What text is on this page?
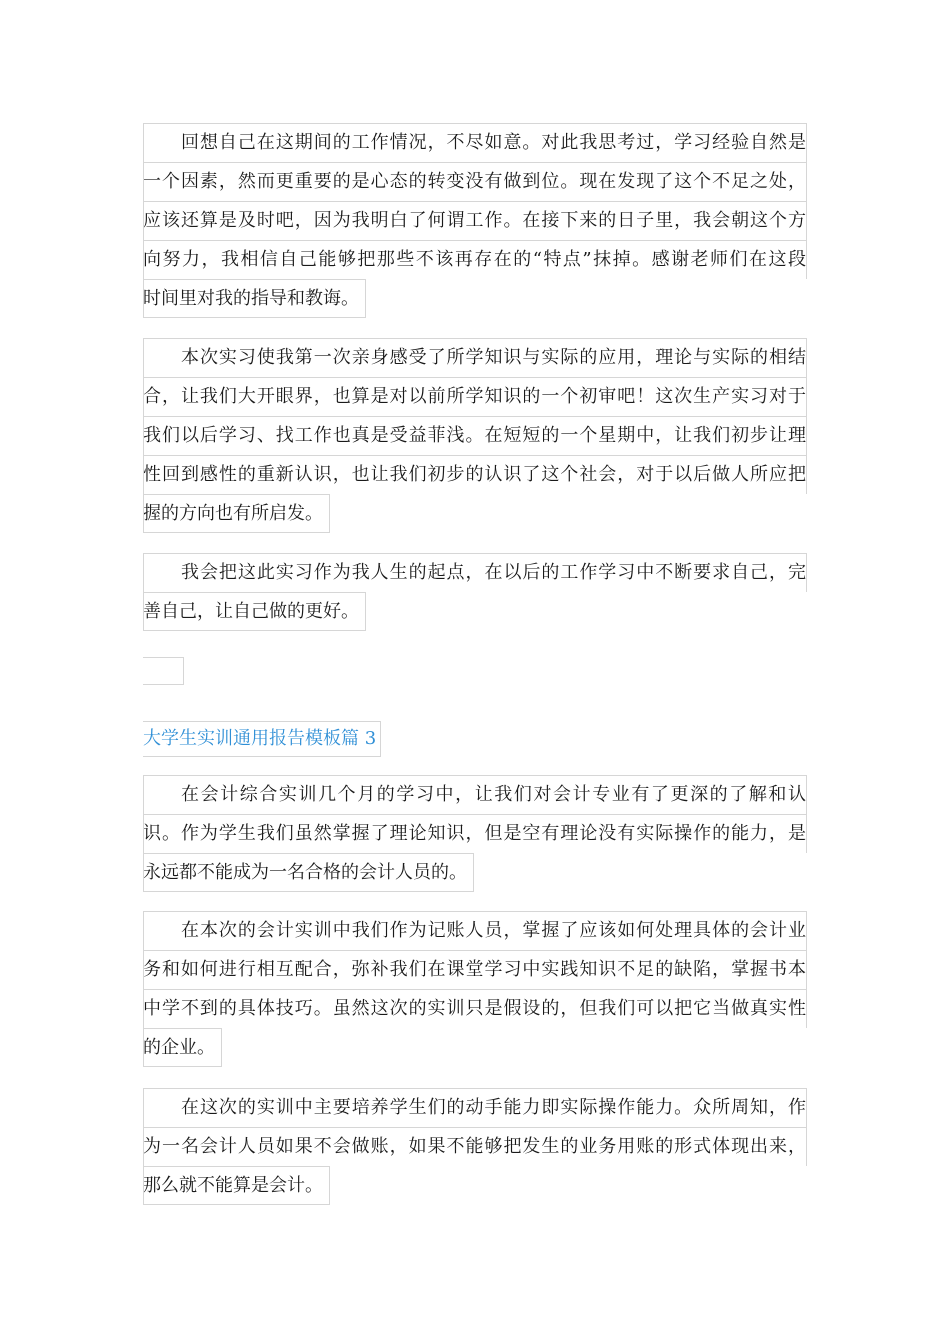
回想自己在这期间的工作情况，不尽如意。对此我思考过，学习经验自然是
一个因素，然而更重要的是心态的转变没有做到位。现在发现了这个不足之处，
应该还算是及时吧，因为我明白了何谓工作。在接下来的日子里，我会朝这个方
向努力，我相信自己能够把那些不该再存在的“特点”抹掉。感谢老师们在这段
时间里对我的指导和教诲。
本次实习使我第一次亲身感受了所学知识与实际的应用，理论与实际的相结
合，让我们大开眼界，也算是对以前所学知识的一个初审吧！这次生产实习对于
我们以后学习、找工作也真是受益菲浅。在短短的一个星期中，让我们初步让理
性回到感性的重新认识，也让我们初步的认识了这个社会，对于以后做人所应把
握的方向也有所启发。
我会把这此实习作为我人生的起点，在以后的工作学习中不断要求自己，完
善自己，让自己做的更好。
大学生实训通用报告模板篇 3
在会计综合实训几个月的学习中，让我们对会计专业有了更深的了解和认
识。作为学生我们虽然掌握了理论知识，但是空有理论没有实际操作的能力，是
永远都不能成为一名合格的会计人员的。
在本次的会计实训中我们作为记账人员，掌握了应该如何处理具体的会计业
务和如何进行相互配合，弥补我们在课堂学习中实践知识不足的缺陷，掌握书本
中学不到的具体技巧。虽然这次的实训只是假设的，但我们可以把它当做真实性
的企业。
在这次的实训中主要培养学生们的动手能力即实际操作能力。众所周知，作
为一名会计人员如果不会做账，如果不能够把发生的业务用账的形式体现出来，
那么就不能算是会计。
